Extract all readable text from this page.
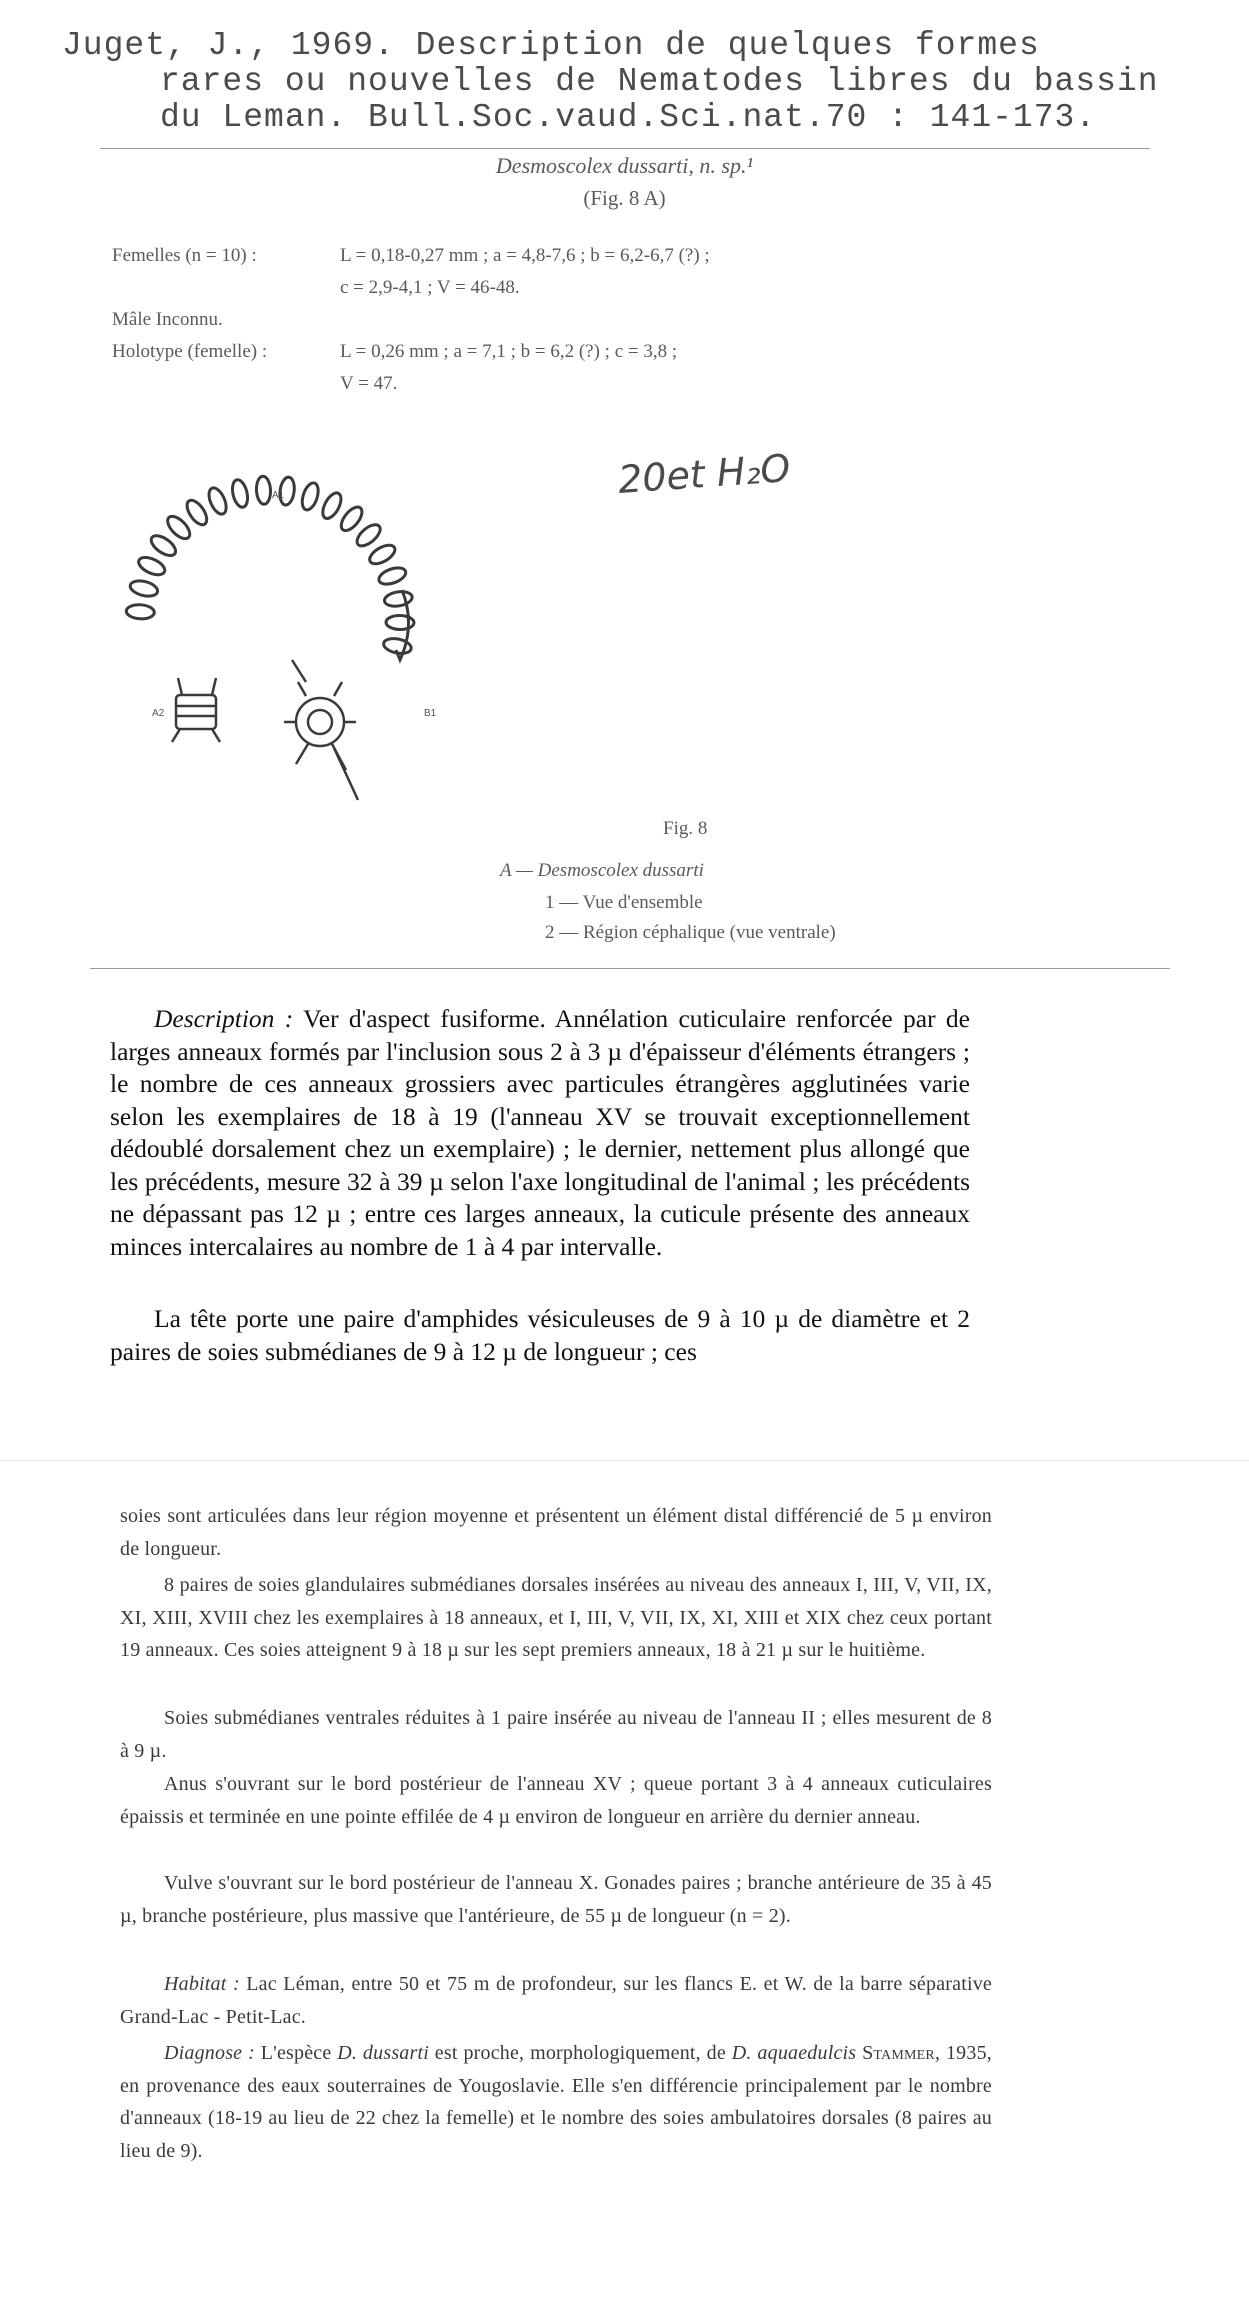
Juget, J., 1969. Description de quelques formes
rares ou nouvelles de Nematodes libres du bassin
du Leman. Bull.Soc.vaud.Sci.nat.70 : 141-173.
Desmoscolex dussarti, n. sp.¹
(Fig. 8 A)
Femelles (n = 10) :	L = 0,18-0,27 mm ; a = 4,8-7,6 ; b = 6,2-6,7 (?) ;
c = 2,9-4,1 ; V = 46-48.
Mâle Inconnu.
Holotype (femelle) :	L = 0,26 mm ; a = 7,1 ; b = 6,2 (?) ; c = 3,8 ;
V = 47.
20et H₂O
A1
A2	B1
Fig. 8
A — Desmoscolex dussarti
1 — Vue d'ensemble
2 — Région céphalique (vue ventrale)
Description : Ver d'aspect fusiforme. Annélation cuticulaire renforcée par de larges anneaux formés par l'inclusion sous 2 à 3 µ d'épaisseur d'éléments étrangers ; le nombre de ces anneaux grossiers avec particules étrangères agglutinées varie selon les exemplaires de 18 à 19 (l'anneau XV se trouvait exceptionnellement dédoublé dorsalement chez un exemplaire) ; le dernier, nettement plus allongé que les précédents, mesure 32 à 39 µ selon l'axe longitudinal de l'animal ; les précédents ne dépassant pas 12 µ ; entre ces larges anneaux, la cuticule présente des anneaux minces intercalaires au nombre de 1 à 4 par intervalle.
La tête porte une paire d'amphides vésiculeuses de 9 à 10 µ de diamètre et 2 paires de soies submédianes de 9 à 12 µ de longueur ; ces
soies sont articulées dans leur région moyenne et présentent un élément distal différencié de 5 µ environ de longueur.
8 paires de soies glandulaires submédianes dorsales insérées au niveau des anneaux I, III, V, VII, IX, XI, XIII, XVIII chez les exemplaires à 18 anneaux, et I, III, V, VII, IX, XI, XIII et XIX chez ceux portant 19 anneaux. Ces soies atteignent 9 à 18 µ sur les sept premiers anneaux, 18 à 21 µ sur le huitième.
Soies submédianes ventrales réduites à 1 paire insérée au niveau de l'anneau II ; elles mesurent de 8 à 9 µ.
Anus s'ouvrant sur le bord postérieur de l'anneau XV ; queue portant 3 à 4 anneaux cuticulaires épaissis et terminée en une pointe effilée de 4 µ environ de longueur en arrière du dernier anneau.
Vulve s'ouvrant sur le bord postérieur de l'anneau X. Gonades paires ; branche antérieure de 35 à 45 µ, branche postérieure, plus massive que l'antérieure, de 55 µ de longueur (n = 2).
Habitat : Lac Léman, entre 50 et 75 m de profondeur, sur les flancs E. et W. de la barre séparative Grand-Lac - Petit-Lac.
Diagnose : L'espèce D. dussarti est proche, morphologiquement, de D. aquaedulcis Stammer, 1935, en provenance des eaux souterraines de Yougoslavie. Elle s'en différencie principalement par le nombre d'anneaux (18-19 au lieu de 22 chez la femelle) et le nombre des soies ambulatoires dorsales (8 paires au lieu de 9).
